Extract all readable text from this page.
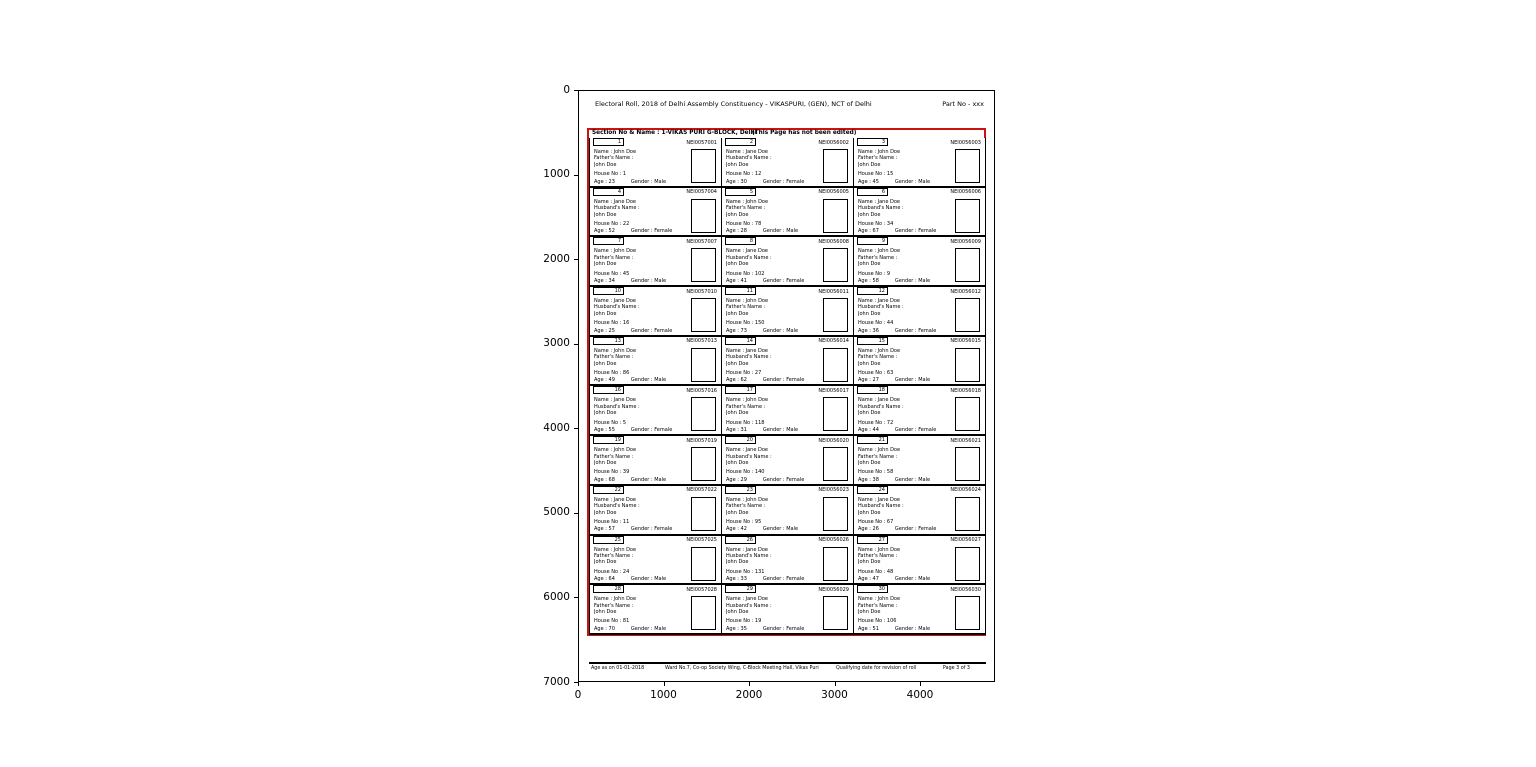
0
1000
2000
3000
4000
5000
6000
7000
0	1000	2000	3000	4000
Electoral Roll, 2018 of Delhi Assembly Constituency - VIKASPURI, (GEN), NCT of Delhi	Part No - xxx
Section No & Name : 1-VIKAS PURI G-BLOCK, Delhi
(This Page has not been edited)
1	NEI0057001
Name : John Doe
Father's Name :
John Doe
House No : 1
Age : 23	Gender : Male
2	NEI0056002
Name : Jane Doe
Husband's Name :
John Doe
House No : 12
Age : 30	Gender : Female
3	NEI0056003
Name : John Doe
Father's Name :
John Doe
House No : 15
Age : 45	Gender : Male
4	NEI0057004
Name : Jane Doe
Husband's Name :
John Doe
House No : 22
Age : 52	Gender : Female
5	NEI0056005
Name : John Doe
Father's Name :
John Doe
House No : 78
Age : 28	Gender : Male
6	NEI0056006
Name : Jane Doe
Husband's Name :
John Doe
House No : 34
Age : 67	Gender : Female
7	NEI0057007
Name : John Doe
Father's Name :
John Doe
House No : 45
Age : 34	Gender : Male
8	NEI0056008
Name : Jane Doe
Husband's Name :
John Doe
House No : 102
Age : 41	Gender : Female
9	NEI0056009
Name : John Doe
Father's Name :
John Doe
House No : 9
Age : 58	Gender : Male
10	NEI0057010
Name : Jane Doe
Husband's Name :
John Doe
House No : 16
Age : 25	Gender : Female
11	NEI0056011
Name : John Doe
Father's Name :
John Doe
House No : 150
Age : 73	Gender : Male
12	NEI0056012
Name : Jane Doe
Husband's Name :
John Doe
House No : 44
Age : 36	Gender : Female
13	NEI0057013
Name : John Doe
Father's Name :
John Doe
House No : 86
Age : 49	Gender : Male
14	NEI0056014
Name : Jane Doe
Husband's Name :
John Doe
House No : 27
Age : 62	Gender : Female
15	NEI0056015
Name : John Doe
Father's Name :
John Doe
House No : 63
Age : 27	Gender : Male
16	NEI0057016
Name : Jane Doe
Husband's Name :
John Doe
House No : 5
Age : 55	Gender : Female
17	NEI0056017
Name : John Doe
Father's Name :
John Doe
House No : 118
Age : 31	Gender : Male
18	NEI0056018
Name : Jane Doe
Husband's Name :
John Doe
House No : 72
Age : 44	Gender : Female
19	NEI0057019
Name : John Doe
Father's Name :
John Doe
House No : 39
Age : 68	Gender : Male
20	NEI0056020
Name : Jane Doe
Husband's Name :
John Doe
House No : 140
Age : 29	Gender : Female
21	NEI0056021
Name : John Doe
Father's Name :
John Doe
House No : 58
Age : 38	Gender : Male
22	NEI0057022
Name : Jane Doe
Husband's Name :
John Doe
House No : 11
Age : 57	Gender : Female
23	NEI0056023
Name : John Doe
Father's Name :
John Doe
House No : 95
Age : 42	Gender : Male
24	NEI0056024
Name : Jane Doe
Husband's Name :
John Doe
House No : 67
Age : 26	Gender : Female
25	NEI0057025
Name : John Doe
Father's Name :
John Doe
House No : 24
Age : 64	Gender : Male
26	NEI0056026
Name : Jane Doe
Husband's Name :
John Doe
House No : 131
Age : 33	Gender : Female
27	NEI0056027
Name : John Doe
Father's Name :
John Doe
House No : 48
Age : 47	Gender : Male
28	NEI0057028
Name : John Doe
Father's Name :
John Doe
House No : 81
Age : 70	Gender : Male
29	NEI0056029
Name : Jane Doe
Husband's Name :
John Doe
House No : 19
Age : 35	Gender : Female
30	NEI0056030
Name : John Doe
Father's Name :
John Doe
House No : 106
Age : 51	Gender : Male
Age as on 01-01-2018	Ward No.7, Co-op Society Wing, C-Block Meeting Hall, Vikas Puri	Qualifying date for revision of roll	Page 3 of 3
